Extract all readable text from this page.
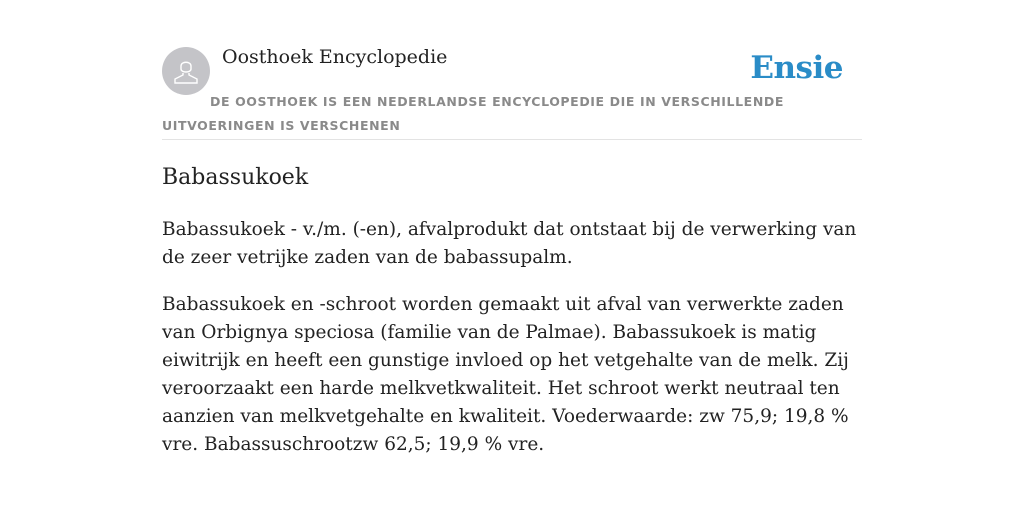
Oosthoek Encyclopedie	Ensie
DE OOSTHOEK IS EEN NEDERLANDSE ENCYCLOPEDIE DIE IN VERSCHILLENDE UITVOERINGEN IS VERSCHENEN
Babassukoek

Babassukoek - v./m. (-en), afvalprodukt dat ontstaat bij de verwerking van de zeer vetrijke zaden van de babassupalm.

Babassukoek en -schroot worden gemaakt uit afval van verwerkte zaden van Orbignya speciosa (familie van de Palmae). Babassukoek is matig eiwitrijk en heeft een gunstige invloed op het vetgehalte van de melk. Zij veroorzaakt een harde melkvetkwaliteit. Het schroot werkt neutraal ten aanzien van melkvetgehalte en kwaliteit. Voederwaarde: zw 75,9; 19,8 % vre. Babassuschrootzw 62,5; 19,9 % vre.
